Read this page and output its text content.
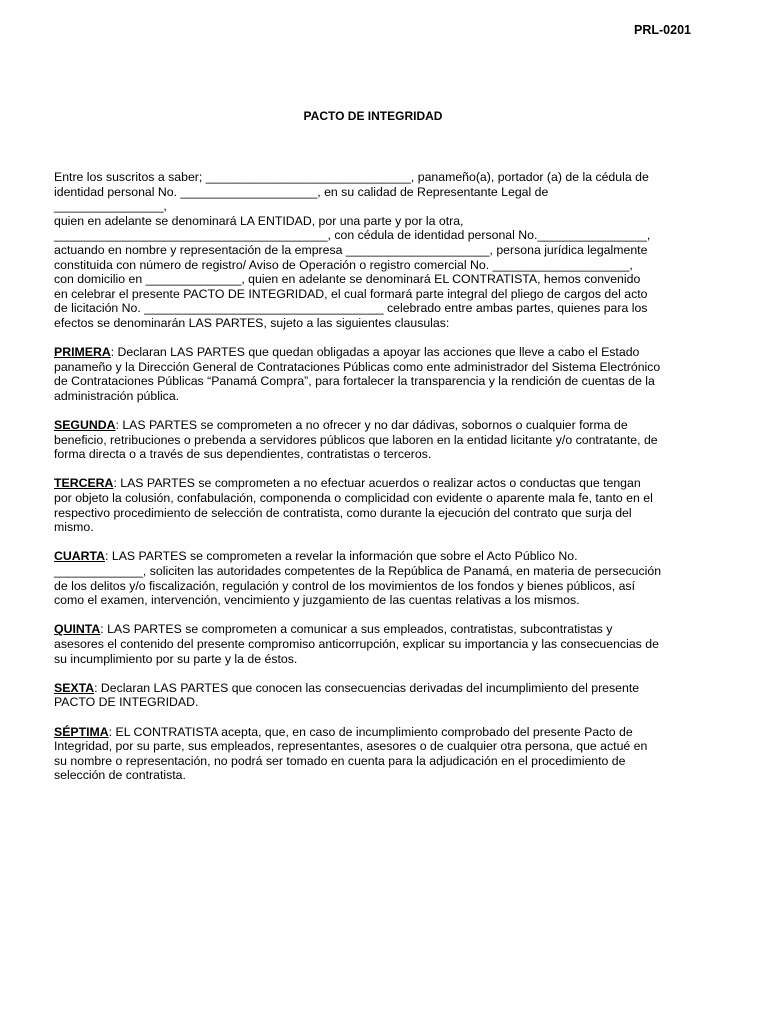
PRL-0201
PACTO DE INTEGRIDAD
Entre los suscritos a saber; ______________________________, panameño(a), portador (a) de la cédula de
identidad personal No. ____________________, en su calidad de Representante Legal de
________________,
quien en adelante se denominará LA ENTIDAD, por una parte y por la otra,
________________________________________, con cédula de identidad personal No.________________,
actuando en nombre y representación de la empresa _____________________, persona jurídica legalmente
constituida con número de registro/ Aviso de Operación o registro comercial No. ____________________,
con domicilio en ______________, quien en adelante se denominará EL CONTRATISTA, hemos convenido
en celebrar el presente PACTO DE INTEGRIDAD, el cual formará parte integral del pliego de cargos del acto
de licitación No. ___________________________________ celebrado entre ambas partes, quienes para los
efectos se denominarán LAS PARTES, sujeto a las siguientes clausulas:
PRIMERA: Declaran LAS PARTES que quedan obligadas a apoyar las acciones que lleve a cabo el Estado
panameño y la Dirección General de Contrataciones Públicas como ente administrador del Sistema Electrónico
de Contrataciones Públicas “Panamá Compra”, para fortalecer la transparencia y la rendición de cuentas de la
administración pública.
SEGUNDA: LAS PARTES se comprometen a no ofrecer y no dar dádivas, sobornos o cualquier forma de
beneficio, retribuciones o prebenda a servidores públicos que laboren en la entidad licitante y/o contratante, de
forma directa o a través de sus dependientes, contratistas o terceros.
TERCERA: LAS PARTES se comprometen a no efectuar acuerdos o realizar actos o conductas que tengan
por objeto la colusión, confabulación, componenda o complicidad con evidente o aparente mala fe, tanto en el
respectivo procedimiento de selección de contratista, como durante la ejecución del contrato que surja del
mismo.
CUARTA: LAS PARTES se comprometen a revelar la información que sobre el Acto Público No.
_____________, soliciten las autoridades competentes de la República de Panamá, en materia de persecución
de los delitos y/o fiscalización, regulación y control de los movimientos de los fondos y bienes públicos, así
como el examen, intervención, vencimiento y juzgamiento de las cuentas relativas a los mismos.
QUINTA: LAS PARTES se comprometen a comunicar a sus empleados, contratistas, subcontratistas y
asesores el contenido del presente compromiso anticorrupción, explicar su importancia y las consecuencias de
su incumplimiento por su parte y la de éstos.
SEXTA: Declaran LAS PARTES que conocen las consecuencias derivadas del incumplimiento del presente
PACTO DE INTEGRIDAD.
SÉPTIMA: EL CONTRATISTA acepta, que, en caso de incumplimiento comprobado del presente Pacto de
Integridad, por su parte, sus empleados, representantes, asesores o de cualquier otra persona, que actué en
su nombre o representación, no podrá ser tomado en cuenta para la adjudicación en el procedimiento de
selección de contratista.
